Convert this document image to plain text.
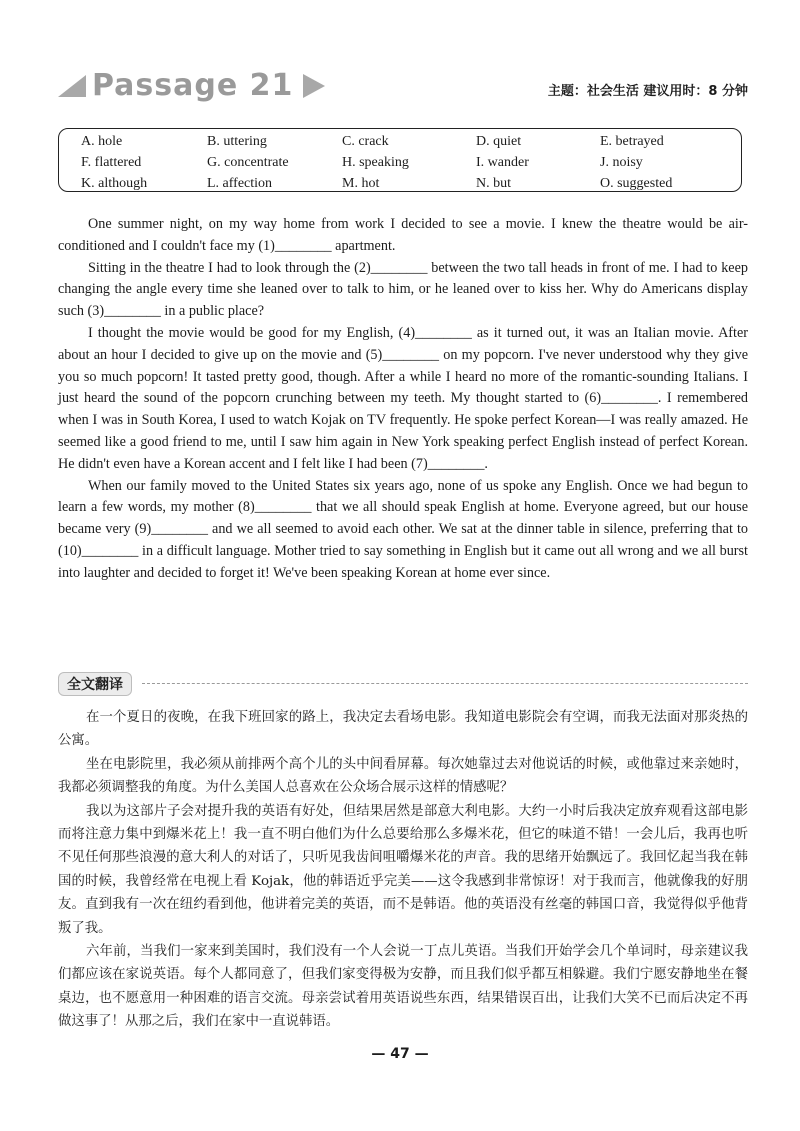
Passage 21	主题：社会生活 建议用时：8 分钟
A. hole	B. uttering	C. crack	D. quiet	E. betrayed
F. flattered	G. concentrate	H. speaking	I. wander	J. noisy
K. although	L. affection	M. hot	N. but	O. suggested

One summer night, on my way home from work I decided to see a movie. I knew the theatre would be air-conditioned and I couldn't face my (1)________ apartment.

Sitting in the theatre I had to look through the (2)________ between the two tall heads in front of me. I had to keep changing the angle every time she leaned over to talk to him, or he leaned over to kiss her. Why do Americans display such (3)________ in a public place?

I thought the movie would be good for my English, (4)________ as it turned out, it was an Italian movie. After about an hour I decided to give up on the movie and (5)________ on my popcorn. I've never understood why they give you so much popcorn! It tasted pretty good, though. After a while I heard no more of the romantic-sounding Italians. I just heard the sound of the popcorn crunching between my teeth. My thought started to (6)________. I remembered when I was in South Korea, I used to watch Kojak on TV frequently. He spoke perfect Korean—I was really amazed. He seemed like a good friend to me, until I saw him again in New York speaking perfect English instead of perfect Korean. He didn't even have a Korean accent and I felt like I had been (7)________.

When our family moved to the United States six years ago, none of us spoke any English. Once we had begun to learn a few words, my mother (8)________ that we all should speak English at home. Everyone agreed, but our house became very (9)________ and we all seemed to avoid each other. We sat at the dinner table in silence, preferring that to (10)________ in a difficult language. Mother tried to say something in English but it came out all wrong and we all burst into laughter and decided to forget it! We've been speaking Korean at home ever since.

全文翻译

在一个夏日的夜晚，在我下班回家的路上，我决定去看场电影。我知道电影院会有空调，而我无法面对那炎热的公寓。

坐在电影院里，我必须从前排两个高个儿的头中间看屏幕。每次她靠过去对他说话的时候，或他靠过来亲她时，我都必须调整我的角度。为什么美国人总喜欢在公众场合展示这样的情感呢？

我以为这部片子会对提升我的英语有好处，但结果居然是部意大利电影。大约一小时后我决定放弃观看这部电影而将注意力集中到爆米花上！我一直不明白他们为什么总要给那么多爆米花，但它的味道不错！一会儿后，我再也听不见任何那些浪漫的意大利人的对话了，只听见我齿间咀嚼爆米花的声音。我的思绪开始飘远了。我回忆起当我在韩国的时候，我曾经常在电视上看 Kojak，他的韩语近乎完美——这令我感到非常惊讶！对于我而言，他就像我的好朋友。直到我有一次在纽约看到他，他讲着完美的英语，而不是韩语。他的英语没有丝毫的韩国口音，我觉得似乎他背叛了我。

六年前，当我们一家来到美国时，我们没有一个人会说一丁点儿英语。当我们开始学会几个单词时，母亲建议我们都应该在家说英语。每个人都同意了，但我们家变得极为安静，而且我们似乎都互相躲避。我们宁愿安静地坐在餐桌边，也不愿意用一种困难的语言交流。母亲尝试着用英语说些东西，结果错误百出，让我们大笑不已而后决定不再做这事了！从那之后，我们在家中一直说韩语。

— 47 —
